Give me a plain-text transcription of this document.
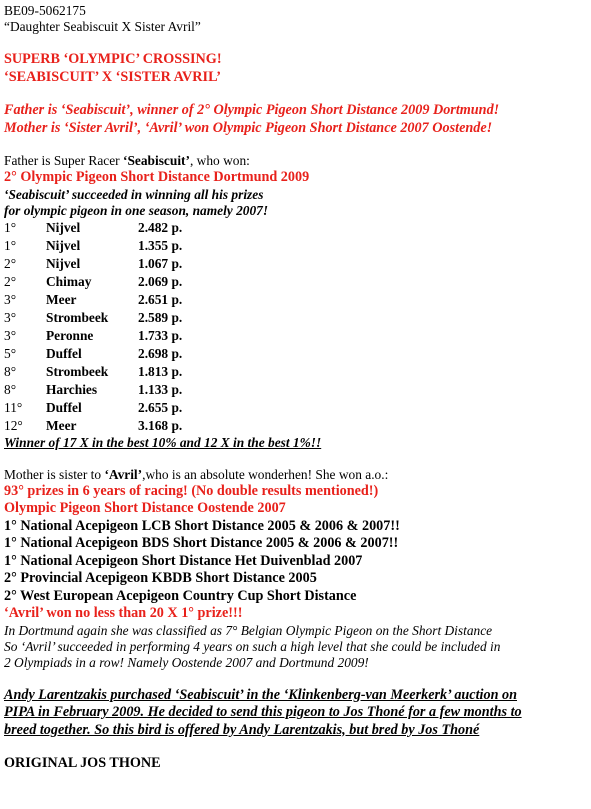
BE09-5062175
“Daughter Seabiscuit X Sister Avril”
SUPERB ‘OLYMPIC’ CROSSING!
‘SEABISCUIT’ X ‘SISTER AVRIL’
Father is ‘Seabiscuit’, winner of 2° Olympic Pigeon Short Distance 2009 Dortmund!
Mother is ‘Sister Avril’, ‘Avril’ won Olympic Pigeon Short Distance 2007 Oostende!
Father is Super Racer ‘Seabiscuit’, who won:
2° Olympic Pigeon Short Distance Dortmund 2009
‘Seabiscuit’ succeeded in winning all his prizes
for olympic pigeon in one season, namely 2007!
1°	Nijvel	2.482 p.
1°	Nijvel	1.355 p.
2°	Nijvel	1.067 p.
2°	Chimay	2.069 p.
3°	Meer	2.651 p.
3°	Strombeek	2.589 p.
3°	Peronne	1.733 p.
5°	Duffel	2.698 p.
8°	Strombeek	1.813 p.
8°	Harchies	1.133 p.
11°	Duffel	2.655 p.
12°	Meer	3.168 p.
Winner of 17 X in the best 10% and 12 X in the best 1%!!
Mother is sister to ‘Avril’,who is an absolute wonderhen! She won a.o.:
93° prizes in 6 years of racing! (No double results mentioned!)
Olympic Pigeon Short Distance Oostende 2007
1° National Acepigeon LCB Short Distance 2005 & 2006 & 2007!!
1° National Acepigeon BDS Short Distance 2005 & 2006 & 2007!!
1° National Acepigeon Short Distance Het Duivenblad 2007
2° Provincial Acepigeon KBDB Short Distance 2005
2° West European Acepigeon Country Cup Short Distance
‘Avril’ won no less than 20 X 1° prize!!!
In Dortmund again she was classified as 7° Belgian Olympic Pigeon on the Short Distance
So ‘Avril’ succeeded in performing 4 years on such a high level that she could be included in
2 Olympiads in a row! Namely Oostende 2007 and Dortmund 2009!
Andy Larentzakis purchased ‘Seabiscuit’ in the ‘Klinkenberg-van Meerkerk’ auction on
PIPA in February 2009. He decided to send this pigeon to Jos Thoné for a few months to
breed together. So this bird is offered by Andy Larentzakis, but bred by Jos Thoné
ORIGINAL JOS THONE
